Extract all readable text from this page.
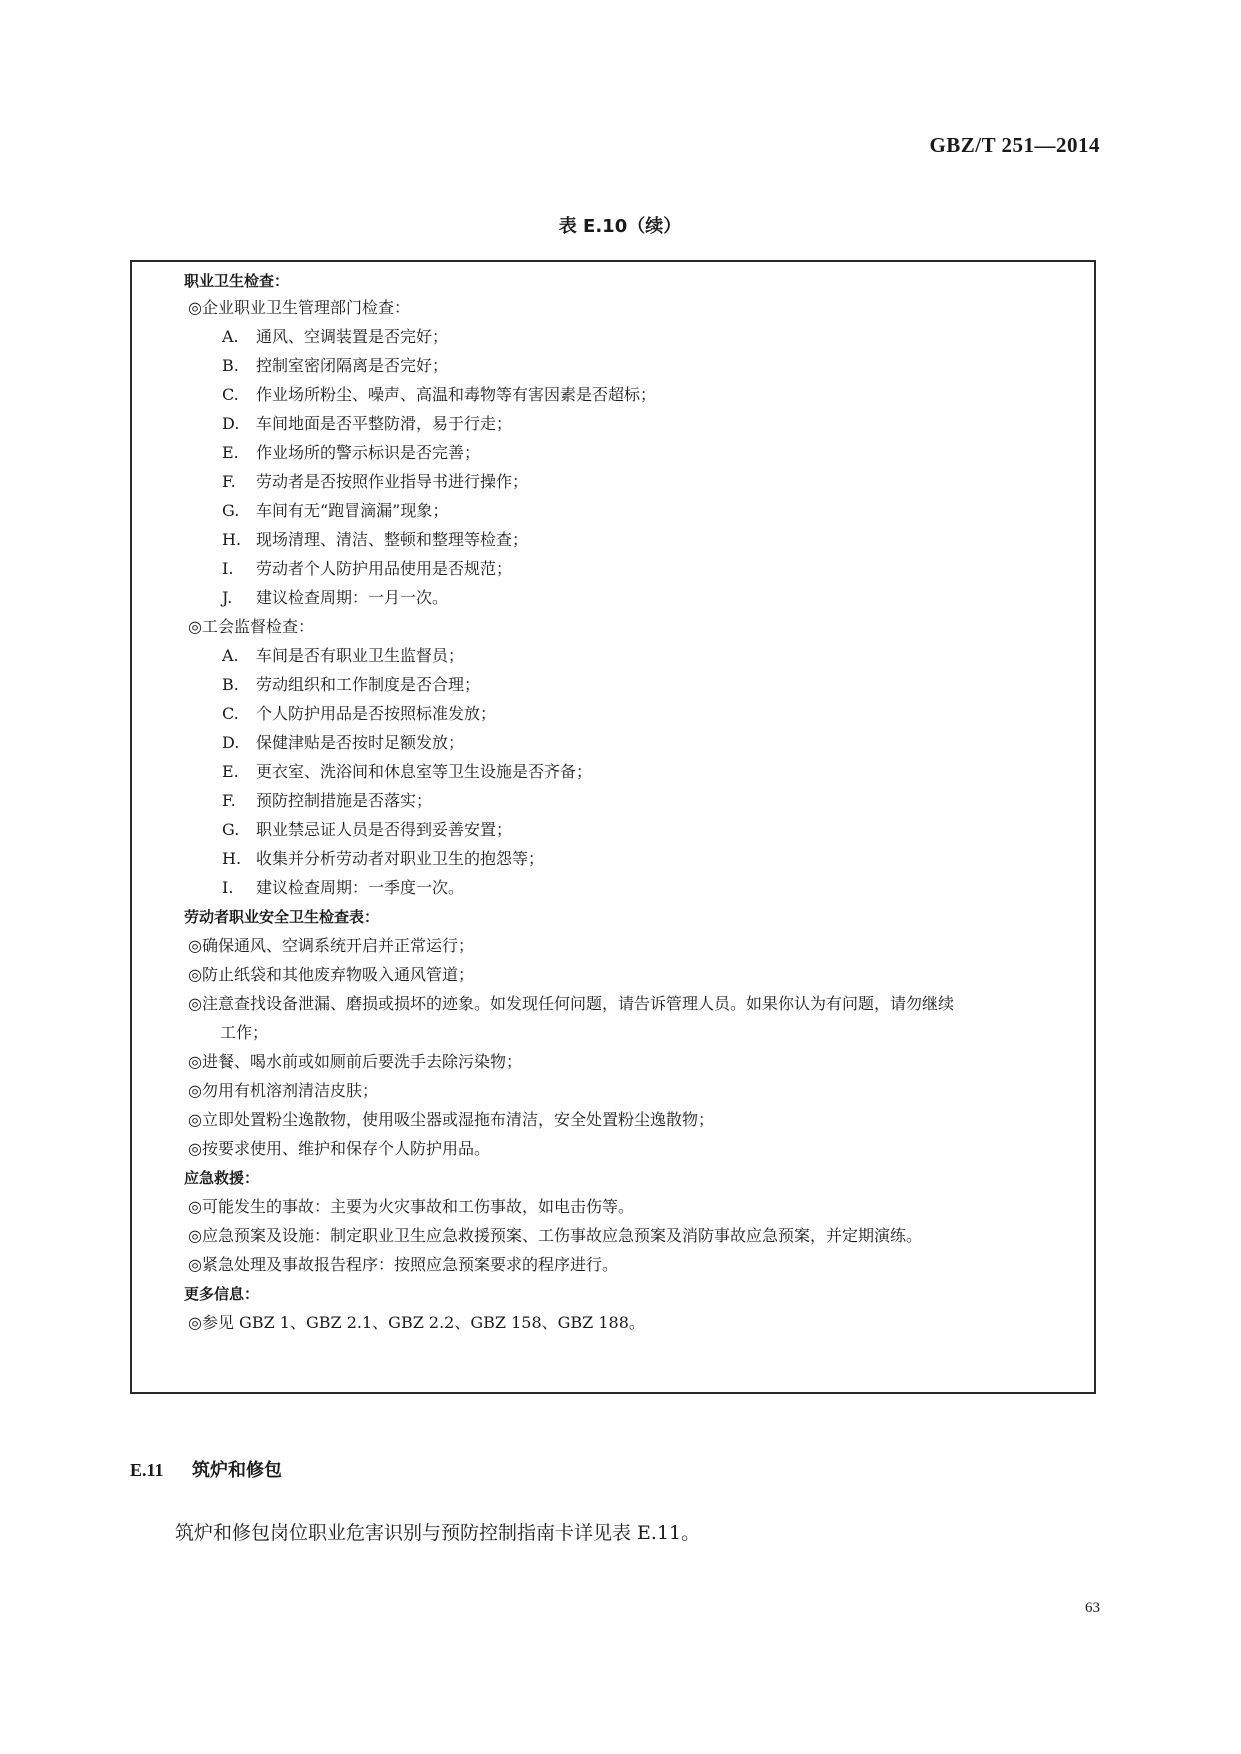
GBZ/T 251—2014
表 E.10（续）
职业卫生检查：
◎企业职业卫生管理部门检查：
A. 通风、空调装置是否完好；
B. 控制室密闭隔离是否完好；
C. 作业场所粉尘、噪声、高温和毒物等有害因素是否超标；
D. 车间地面是否平整防滑，易于行走；
E. 作业场所的警示标识是否完善；
F. 劳动者是否按照作业指导书进行操作；
G. 车间有无“跑冒滴漏”现象；
H. 现场清理、清洁、整顿和整理等检查；
I. 劳动者个人防护用品使用是否规范；
J. 建议检查周期：一月一次。
◎工会监督检查：
A. 车间是否有职业卫生监督员；
B. 劳动组织和工作制度是否合理；
C. 个人防护用品是否按照标准发放；
D. 保健津贴是否按时足额发放；
E. 更衣室、洗浴间和休息室等卫生设施是否齐备；
F. 预防控制措施是否落实；
G. 职业禁忌证人员是否得到妥善安置；
H. 收集并分析劳动者对职业卫生的抱怨等；
I. 建议检查周期：一季度一次。
劳动者职业安全卫生检查表：
◎确保通风、空调系统开启并正常运行；
◎防止纸袋和其他废弃物吸入通风管道；
◎注意查找设备泄漏、磨损或损坏的迹象。如发现任何问题，请告诉管理人员。如果你认为有问题，请勿继续
工作；
◎进餐、喝水前或如厕前后要洗手去除污染物；
◎勿用有机溶剂清洁皮肤；
◎立即处置粉尘逸散物，使用吸尘器或湿拖布清洁，安全处置粉尘逸散物；
◎按要求使用、维护和保存个人防护用品。
应急救援：
◎可能发生的事故：主要为火灾事故和工伤事故，如电击伤等。
◎应急预案及设施：制定职业卫生应急救援预案、工伤事故应急预案及消防事故应急预案，并定期演练。
◎紧急处理及事故报告程序：按照应急预案要求的程序进行。
更多信息：
◎参见 GBZ 1、GBZ 2.1、GBZ 2.2、GBZ 158、GBZ 188。
E.11 筑炉和修包
筑炉和修包岗位职业危害识别与预防控制指南卡详见表 E.11。
63
